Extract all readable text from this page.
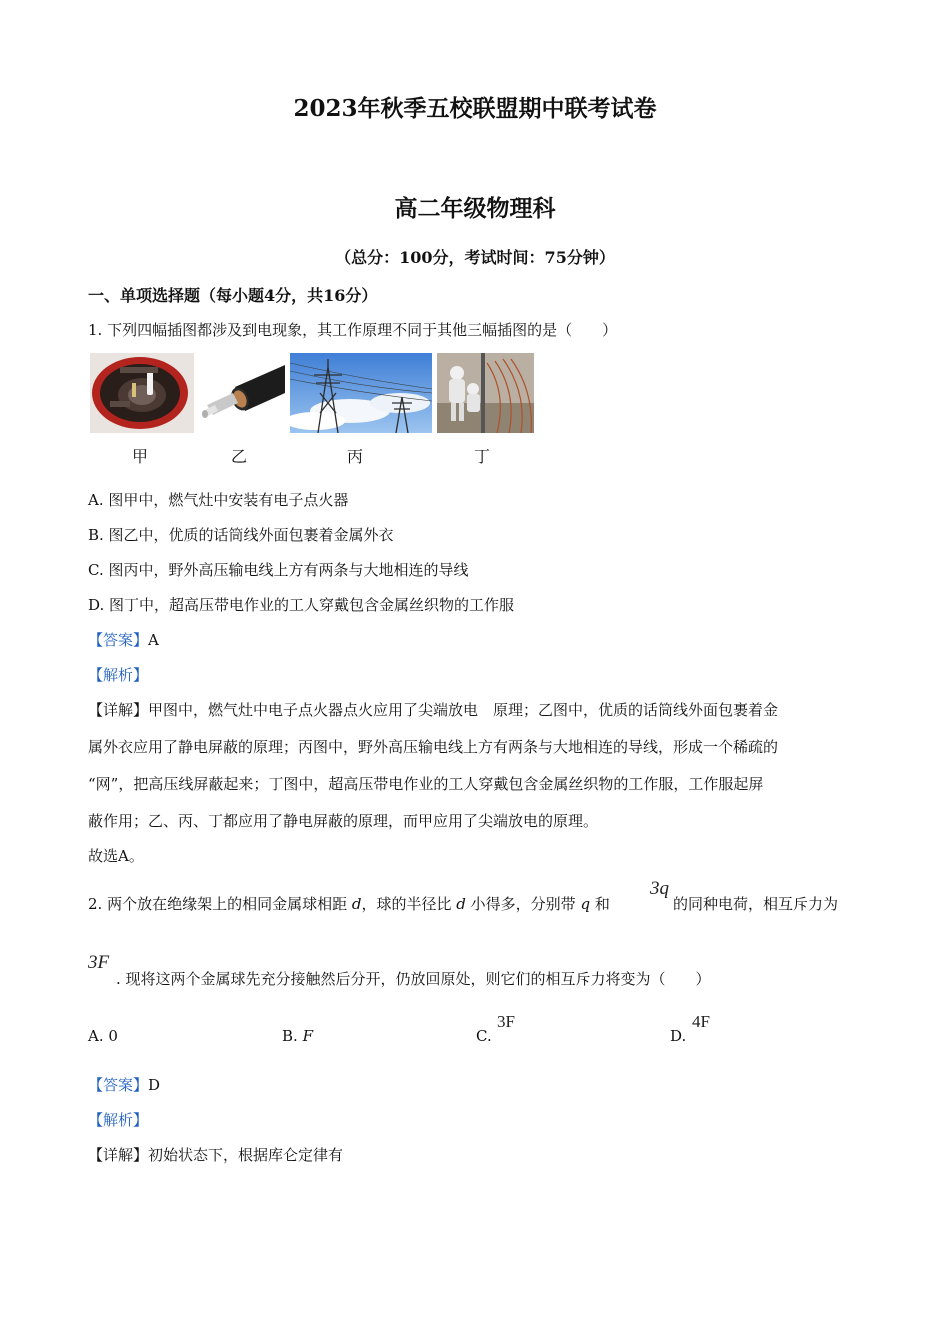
2023年秋季五校联盟期中联考试卷
高二年级物理科
（总分：100分，考试时间：75分钟）
一、单项选择题（每小题4分，共16分）
1. 下列四幅插图都涉及到电现象，其工作原理不同于其他三幅插图的是（　　）
甲	乙	丙	丁
A. 图甲中，燃气灶中安装有电子点火器
B. 图乙中，优质的话筒线外面包裹着金属外衣
C. 图丙中，野外高压输电线上方有两条与大地相连的导线
D. 图丁中，超高压带电作业的工人穿戴包含金属丝织物的工作服
【答案】A
【解析】
【详解】甲图中，燃气灶中电子点火器点火应用了尖端放电　原理；乙图中，优质的话筒线外面包裹着金
属外衣应用了静电屏蔽的原理；丙图中，野外高压输电线上方有两条与大地相连的导线，形成一个稀疏的
“网”，把高压线屏蔽起来；丁图中，超高压带电作业的工人穿戴包含金属丝织物的工作服，工作服起屏
蔽作用；乙、丙、丁都应用了静电屏蔽的原理，而甲应用了尖端放电的原理。
故选A。
2. 两个放在绝缘架上的相同金属球相距 d，球的半径比 d 小得多，分别带 q 和
3q
的同种电荷，相互斥力为
3F
. 现将这两个金属球先充分接触然后分开，仍放回原处，则它们的相互斥力将变为（　　）
A. 0	B. F	C.
3F
D.
4F
【答案】D
【解析】
【详解】初始状态下，根据库仑定律有
